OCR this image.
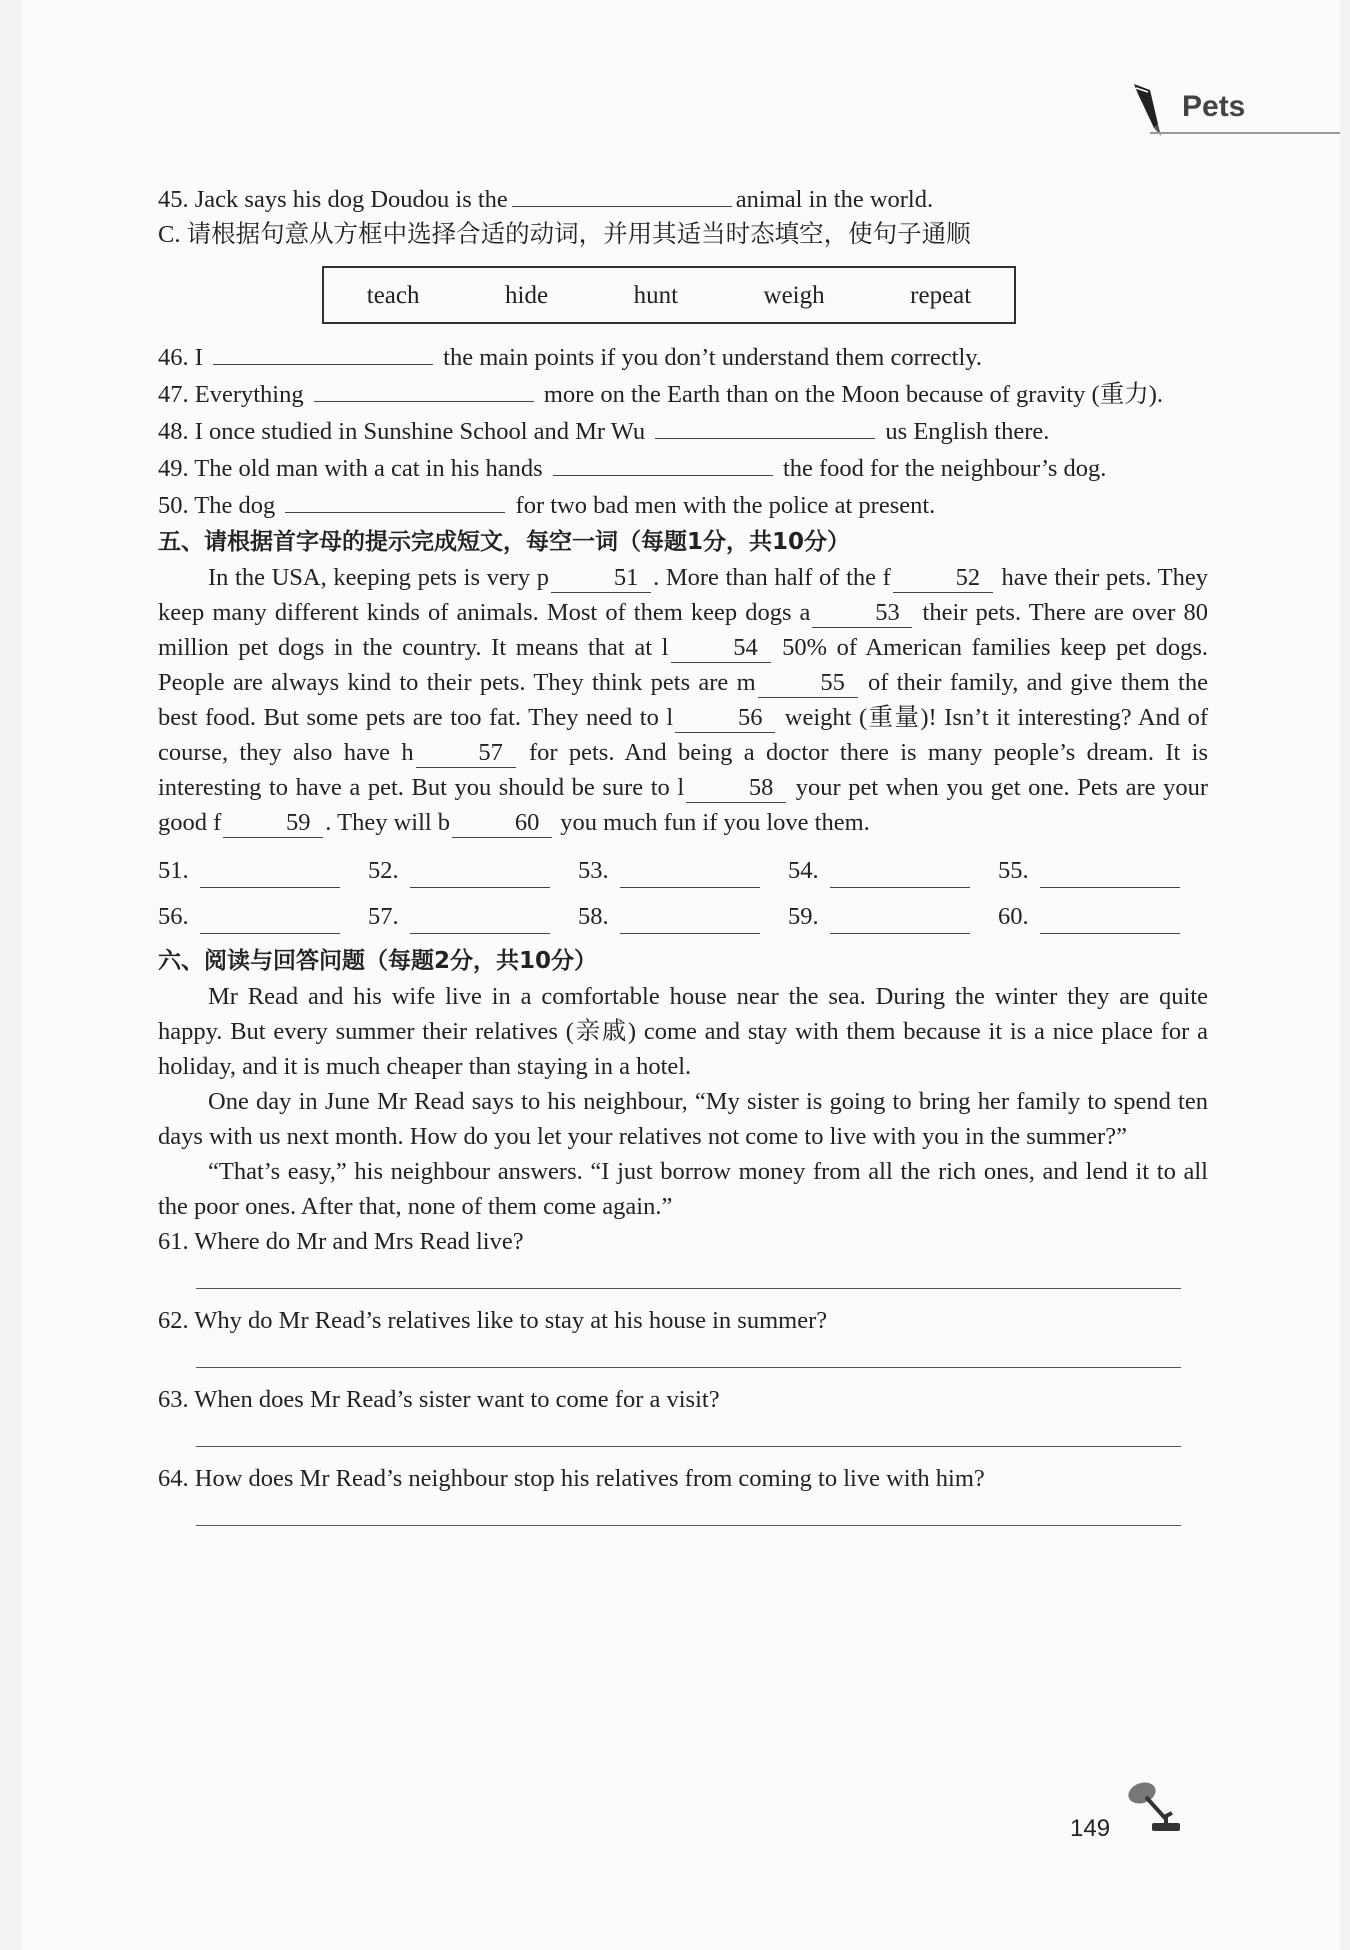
Pets
45. Jack says his dog Doudou is the	animal in the world.
C. 请根据句意从方框中选择合适的动词，并用其适当时态填空，使句子通顺
teach	hide	hunt	weigh	repeat
46. I	the main points if you don’t understand them correctly.
47. Everything	more on the Earth than on the Moon because of gravity (重力).
48. I once studied in Sunshine School and Mr Wu	us English there.
49. The old man with a cat in his hands	the food for the neighbour’s dog.
50. The dog	for two bad men with the police at present.
五、请根据首字母的提示完成短文，每空一词（每题1分，共10分）
In the USA, keeping pets is very p	51 . More than half of the f	52 have their pets. They keep many different kinds of animals. Most of them keep dogs a	53 their pets. There are over 80 million pet dogs in the country. It means that at l	54 50% of American families keep pet dogs. People are always kind to their pets. They think pets are m	55 of their family, and give them the best food. But some pets are too fat. They need to l	56 weight (重量)! Isn’t it interesting? And of course, they also have h	57 for pets. And being a doctor there is many people’s dream. It is interesting to have a pet. But you should be sure to l	58 your pet when you get one. Pets are your good f	59 . They will b	60 you much fun if you love them.
51.	52.	53.	54.	55.
56.	57.	58.	59.	60.
六、阅读与回答问题（每题2分，共10分）
Mr Read and his wife live in a comfortable house near the sea. During the winter they are quite happy. But every summer their relatives (亲戚) come and stay with them because it is a nice place for a holiday, and it is much cheaper than staying in a hotel.
One day in June Mr Read says to his neighbour, “My sister is going to bring her family to spend ten days with us next month. How do you let your relatives not come to live with you in the summer?”
“That’s easy,” his neighbour answers. “I just borrow money from all the rich ones, and lend it to all the poor ones. After that, none of them come again.”
61. Where do Mr and Mrs Read live?
62. Why do Mr Read’s relatives like to stay at his house in summer?
63. When does Mr Read’s sister want to come for a visit?
64. How does Mr Read’s neighbour stop his relatives from coming to live with him?
149
